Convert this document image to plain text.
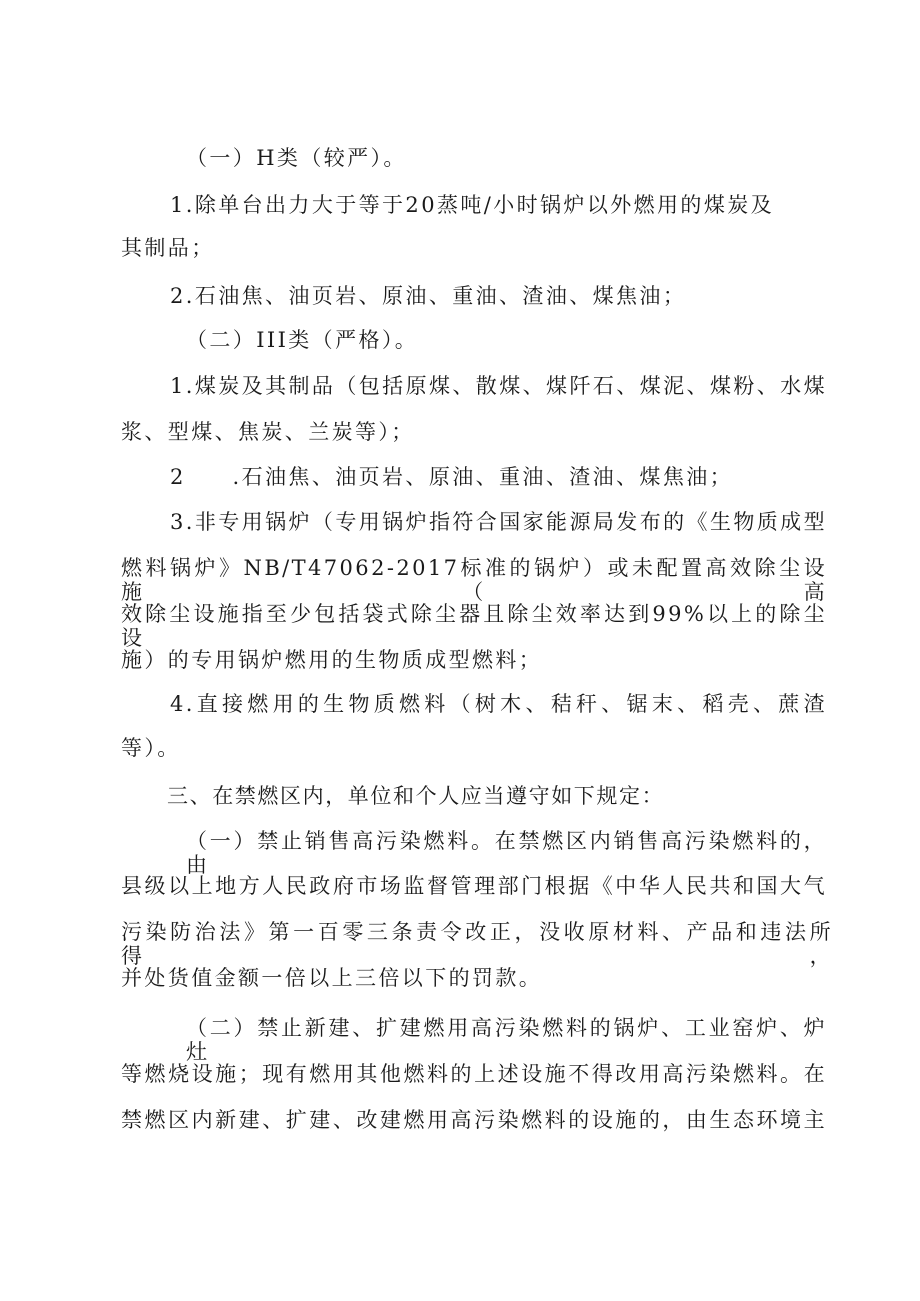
（一）H类（较严）。
1.除单台出力大于等于20蒸吨/小时锅炉以外燃用的煤炭及
其制品；
2.石油焦、油页岩、原油、重油、渣油、煤焦油；
（二）III类（严格）。
1.煤炭及其制品（包括原煤、散煤、煤阡石、煤泥、煤粉、水煤
浆、型煤、焦炭、兰炭等）；
2　　.石油焦、油页岩、原油、重油、渣油、煤焦油；
3.非专用锅炉（专用锅炉指符合国家能源局发布的《生物质成型
燃料锅炉》NB/T47062-2017标准的锅炉）或未配置高效除尘设施（高
效除尘设施指至少包括袋式除尘器且除尘效率达到99%以上的除尘设
施）的专用锅炉燃用的生物质成型燃料；
4.直接燃用的生物质燃料（树木、秸秆、锯末、稻壳、蔗渣
等）。
三、在禁燃区内，单位和个人应当遵守如下规定：
（一）禁止销售高污染燃料。在禁燃区内销售高污染燃料的，由
县级以上地方人民政府市场监督管理部门根据《中华人民共和国大气
污染防治法》第一百零三条责令改正，没收原材料、产品和违法所得，
并处货值金额一倍以上三倍以下的罚款。
（二）禁止新建、扩建燃用高污染燃料的锅炉、工业窑炉、炉灶
等燃烧设施；现有燃用其他燃料的上述设施不得改用高污染燃料。在
禁燃区内新建、扩建、改建燃用高污染燃料的设施的，由生态环境主
